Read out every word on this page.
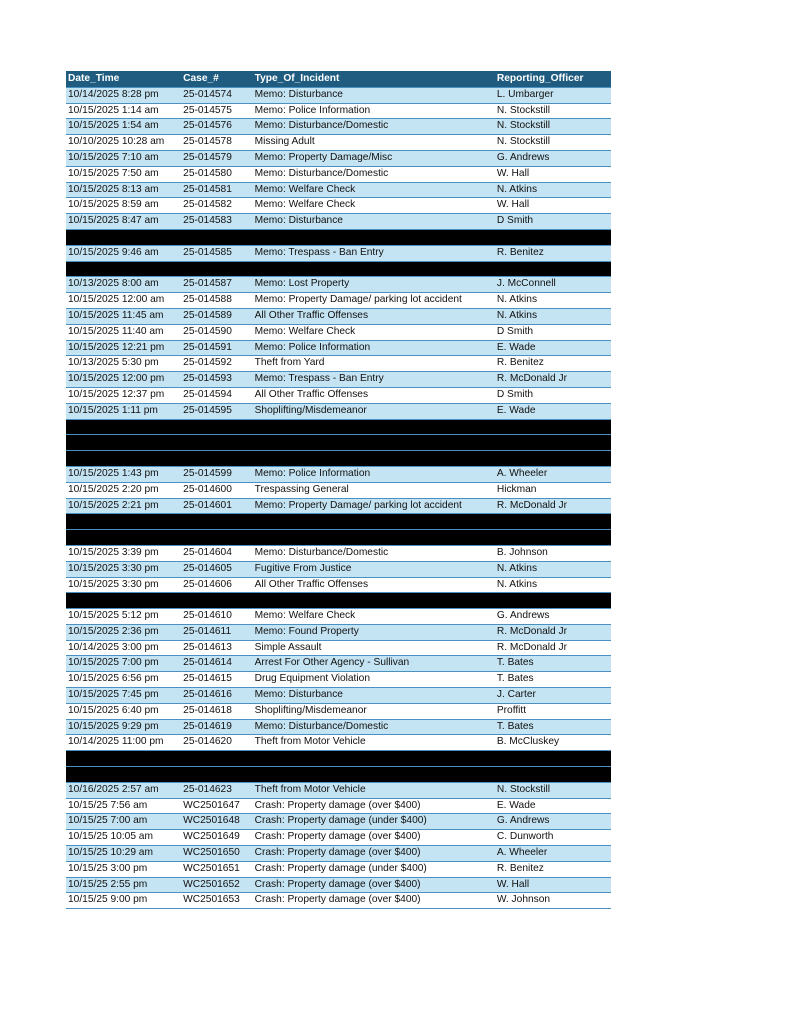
Date_Time	Case_#	Type_Of_Incident	Reporting_Officer
10/14/2025 8:28 pm	25-014574	Memo: Disturbance	L. Umbarger
10/15/2025 1:14 am	25-014575	Memo: Police Information	N. Stockstill
10/15/2025 1:54 am	25-014576	Memo: Disturbance/Domestic	N. Stockstill
10/10/2025 10:28 am	25-014578	Missing Adult	N. Stockstill
10/15/2025 7:10 am	25-014579	Memo: Property Damage/Misc	G. Andrews
10/15/2025 7:50 am	25-014580	Memo: Disturbance/Domestic	W. Hall
10/15/2025 8:13 am	25-014581	Memo: Welfare Check	N. Atkins
10/15/2025 8:59 am	25-014582	Memo: Welfare Check	W. Hall
10/15/2025 8:47 am	25-014583	Memo: Disturbance	D Smith
10/15/2025 9:46 am	25-014585	Memo: Trespass - Ban Entry	R. Benitez
10/13/2025 8:00 am	25-014587	Memo: Lost Property	J. McConnell
10/15/2025 12:00 am	25-014588	Memo: Property Damage/ parking lot accident	N. Atkins
10/15/2025 11:45 am	25-014589	All Other Traffic Offenses	N. Atkins
10/15/2025 11:40 am	25-014590	Memo: Welfare Check	D Smith
10/15/2025 12:21 pm	25-014591	Memo: Police Information	E. Wade
10/13/2025 5:30 pm	25-014592	Theft from Yard	R. Benitez
10/15/2025 12:00 pm	25-014593	Memo: Trespass - Ban Entry	R. McDonald Jr
10/15/2025 12:37 pm	25-014594	All Other Traffic Offenses	D Smith
10/15/2025 1:11 pm	25-014595	Shoplifting/Misdemeanor	E. Wade
10/15/2025 1:43 pm	25-014599	Memo: Police Information	A. Wheeler
10/15/2025 2:20 pm	25-014600	Trespassing General	Hickman
10/15/2025 2:21 pm	25-014601	Memo: Property Damage/ parking lot accident	R. McDonald Jr
10/15/2025 3:39 pm	25-014604	Memo: Disturbance/Domestic	B. Johnson
10/15/2025 3:30 pm	25-014605	Fugitive From Justice	N. Atkins
10/15/2025 3:30 pm	25-014606	All Other Traffic Offenses	N. Atkins
10/15/2025 5:12 pm	25-014610	Memo: Welfare Check	G. Andrews
10/15/2025 2:36 pm	25-014611	Memo: Found Property	R. McDonald Jr
10/14/2025 3:00 pm	25-014613	Simple Assault	R. McDonald Jr
10/15/2025 7:00 pm	25-014614	Arrest For Other Agency - Sullivan	T. Bates
10/15/2025 6:56 pm	25-014615	Drug Equipment Violation	T. Bates
10/15/2025 7:45 pm	25-014616	Memo: Disturbance	J. Carter
10/15/2025 6:40 pm	25-014618	Shoplifting/Misdemeanor	Proffitt
10/15/2025 9:29 pm	25-014619	Memo: Disturbance/Domestic	T. Bates
10/14/2025 11:00 pm	25-014620	Theft from Motor Vehicle	B. McCluskey
10/16/2025 2:57 am	25-014623	Theft from Motor Vehicle	N. Stockstill
10/15/25 7:56 am	WC2501647	Crash: Property damage (over $400)	E. Wade
10/15/25 7:00 am	WC2501648	Crash: Property damage (under $400)	G. Andrews
10/15/25 10:05 am	WC2501649	Crash: Property damage (over $400)	C. Dunworth
10/15/25 10:29 am	WC2501650	Crash: Property damage (over $400)	A. Wheeler
10/15/25 3:00 pm	WC2501651	Crash: Property damage (under $400)	R. Benitez
10/15/25 2:55 pm	WC2501652	Crash: Property damage (over $400)	W. Hall
10/15/25 9:00 pm	WC2501653	Crash: Property damage (over $400)	W. Johnson
